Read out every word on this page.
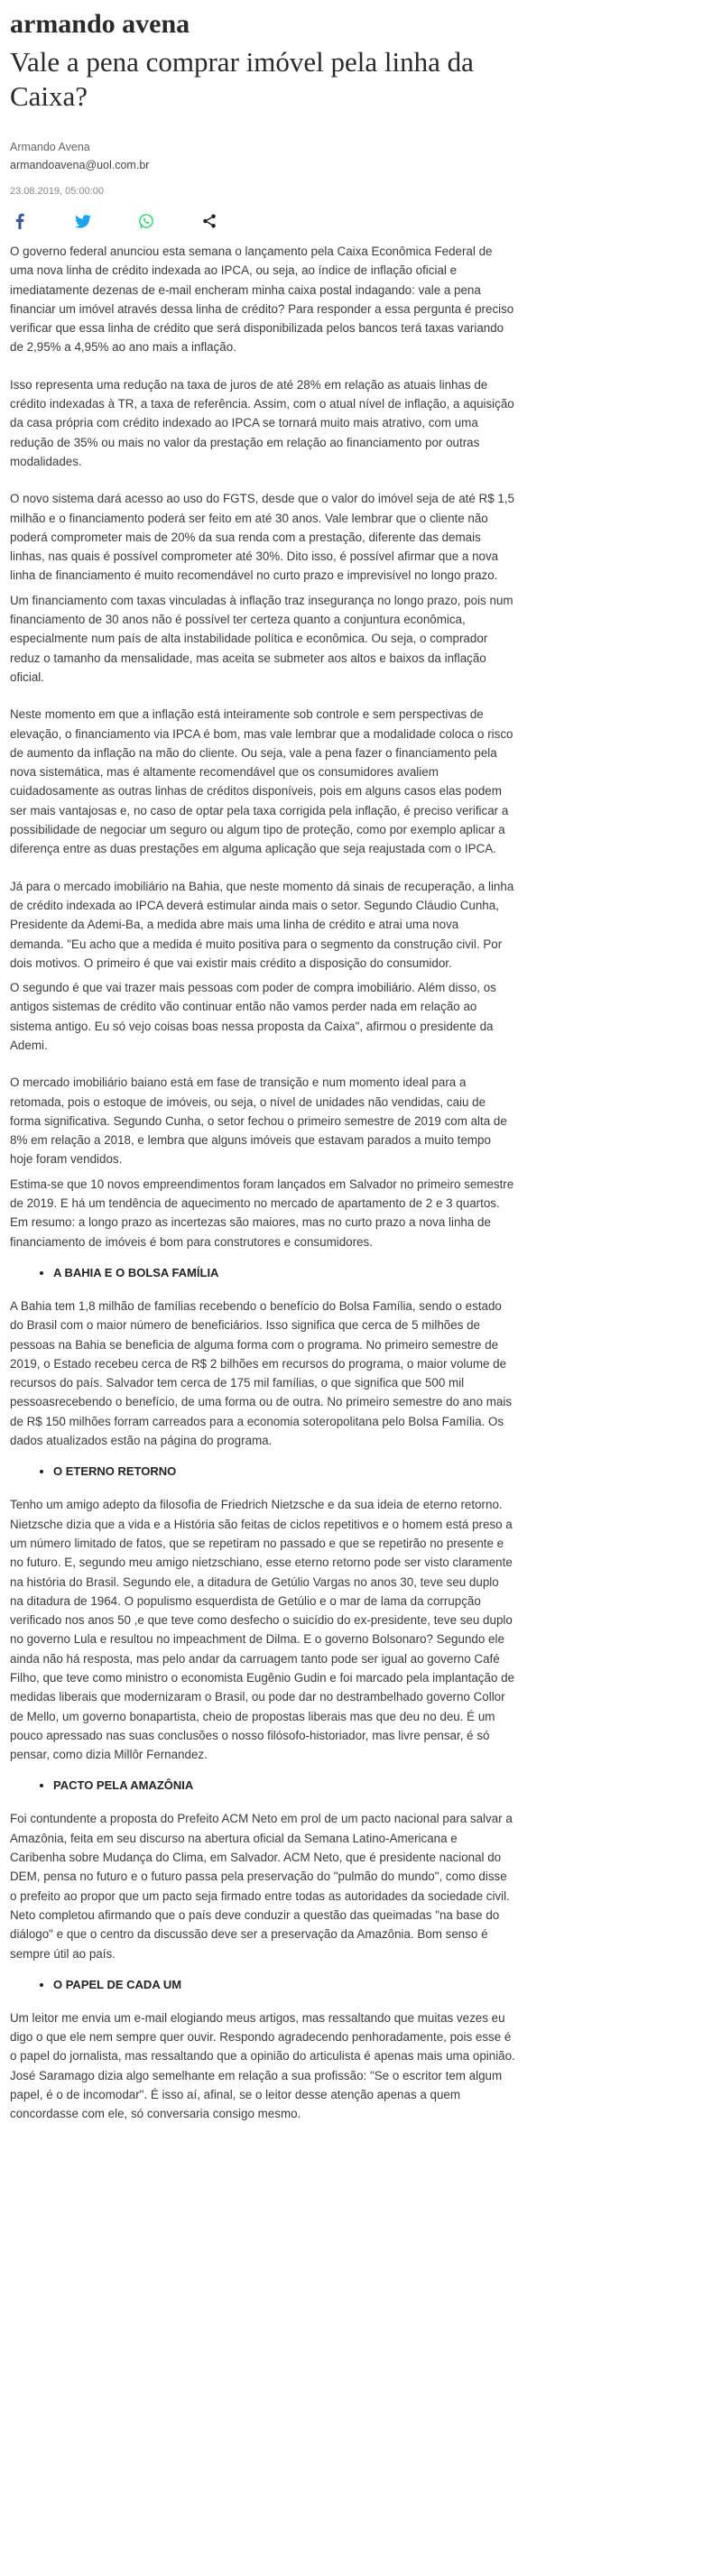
armando avena
Vale a pena comprar imóvel pela linha da Caixa?
Armando Avena
armandoavena@uol.com.br
23.08.2019, 05:00:00

O governo federal anunciou esta semana o lançamento pela Caixa Econômica Federal de uma nova linha de crédito indexada ao IPCA, ou seja, ao índice de inflação oficial e imediatamente dezenas de e-mail encheram minha caixa postal indagando: vale a pena financiar um imóvel através dessa linha de crédito? Para responder a essa pergunta é preciso verificar que essa linha de crédito que será disponibilizada pelos bancos terá taxas variando de 2,95% a 4,95% ao ano mais a inflação.

Isso representa uma redução na taxa de juros de até 28% em relação as atuais linhas de crédito indexadas à TR, a taxa de referência. Assim, com o atual nível de inflação, a aquisição da casa própria com crédito indexado ao IPCA se tornará muito mais atrativo, com uma redução de 35% ou mais no valor da prestação em relação ao financiamento por outras modalidades.

O novo sistema dará acesso ao uso do FGTS, desde que o valor do imóvel seja de até R$ 1,5 milhão e o financiamento poderá ser feito em até 30 anos. Vale lembrar que o cliente não poderá comprometer mais de 20% da sua renda com a prestação, diferente das demais linhas, nas quais é possível comprometer até 30%. Dito isso, é possível afirmar que a nova linha de financiamento é muito recomendável no curto prazo e imprevisível no longo prazo.

Um financiamento com taxas vinculadas à inflação traz insegurança no longo prazo, pois num financiamento de 30 anos não é possível ter certeza quanto a conjuntura econômica, especialmente num país de alta instabilidade política e econômica. Ou seja, o comprador reduz o tamanho da mensalidade, mas aceita se submeter aos altos e baixos da inflação oficial.

Neste momento em que a inflação está inteiramente sob controle e sem perspectivas de elevação, o financiamento via IPCA é bom, mas vale lembrar que a modalidade coloca o risco de aumento da inflação na mão do cliente. Ou seja, vale a pena fazer o financiamento pela nova sistemática, mas é altamente recomendável que os consumidores avaliem cuidadosamente as outras linhas de créditos disponíveis, pois em alguns casos elas podem ser mais vantajosas e, no caso de optar pela taxa corrigida pela inflação, é preciso verificar a possibilidade de negociar um seguro ou algum tipo de proteção, como por exemplo aplicar a diferença entre as duas prestações em alguma aplicação que seja reajustada com o IPCA.

Já para o mercado imobiliário na Bahia, que neste momento dá sinais de recuperação, a linha de crédito indexada ao IPCA deverá estimular ainda mais o setor. Segundo Cláudio Cunha, Presidente da Ademi-Ba, a medida abre mais uma linha de crédito e atrai uma nova demanda. "Eu acho que a medida é muito positiva para o segmento da construção civil. Por dois motivos. O primeiro é que vai existir mais crédito a disposição do consumidor.

O segundo é que vai trazer mais pessoas com poder de compra imobiliário. Além disso, os antigos sistemas de crédito vão continuar então não vamos perder nada em relação ao sistema antigo. Eu só vejo coisas boas nessa proposta da Caixa", afirmou o presidente da Ademi.

O mercado imobiliário baiano está em fase de transição e num momento ideal para a retomada, pois o estoque de imóveis, ou seja, o nível de unidades não vendidas, caiu de forma significativa. Segundo Cunha, o setor fechou o primeiro semestre de 2019 com alta de 8% em relação a 2018, e lembra que alguns imóveis que estavam parados a muito tempo hoje foram vendidos.

Estima-se que 10 novos empreendimentos foram lançados em Salvador no primeiro semestre de 2019. E há um tendência de aquecimento no mercado de apartamento de 2 e 3 quartos. Em resumo: a longo prazo as incertezas são maiores, mas no curto prazo a nova linha de financiamento de imóveis é bom para construtores e consumidores.

• A BAHIA E O BOLSA FAMÍLIA

A Bahia tem 1,8 milhão de famílias recebendo o benefício do Bolsa Família, sendo o estado do Brasil com o maior número de beneficiários. Isso significa que cerca de 5 milhões de pessoas na Bahia se beneficia de alguma forma com o programa. No primeiro semestre de 2019, o Estado recebeu cerca de R$ 2 bilhões em recursos do programa, o maior volume de recursos do país. Salvador tem cerca de 175 mil famílias, o que significa que 500 mil pessoasrecebendo o benefício, de uma forma ou de outra. No primeiro semestre do ano mais de R$ 150 milhões forram carreados para a economia soteropolitana pelo Bolsa Família. Os dados atualizados estão na página do programa.

• O ETERNO RETORNO

Tenho um amigo adepto da filosofia de Friedrich Nietzsche e da sua ideia de eterno retorno. Nietzsche dizia que a vida e a História são feitas de ciclos repetitivos e o homem está preso a um número limitado de fatos, que se repetiram no passado e que se repetirão no presente e no futuro. E, segundo meu amigo nietzschiano, esse eterno retorno pode ser visto claramente na história do Brasil. Segundo ele, a ditadura de Getúlio Vargas no anos 30, teve seu duplo na ditadura de 1964. O populismo esquerdista de Getúlio e o mar de lama da corrupção verificado nos anos 50 ,e que teve como desfecho o suicídio do ex-presidente, teve seu duplo no governo Lula e resultou no impeachment de Dilma. E o governo Bolsonaro? Segundo ele ainda não há resposta, mas pelo andar da carruagem tanto pode ser igual ao governo Café Filho, que teve como ministro o economista Eugênio Gudin e foi marcado pela implantação de medidas liberais que modernizaram o Brasil, ou pode dar no destrambelhado governo Collor de Mello, um governo bonapartista, cheio de propostas liberais mas que deu no deu. É um pouco apressado nas suas conclusões o nosso filósofo-historiador, mas livre pensar, é só pensar, como dizia Millôr Fernandez.

• PACTO PELA AMAZÔNIA

Foi contundente a proposta do Prefeito ACM Neto em prol de um pacto nacional para salvar a Amazônia, feita em seu discurso na abertura oficial da Semana Latino-Americana e Caribenha sobre Mudança do Clima, em Salvador. ACM Neto, que é presidente nacional do DEM, pensa no futuro e o futuro passa pela preservação do "pulmão do mundo", como disse o prefeito ao propor que um pacto seja firmado entre todas as autoridades da sociedade civil. Neto completou afirmando que o país deve conduzir a questão das queimadas "na base do diálogo" e que o centro da discussão deve ser a preservação da Amazônia. Bom senso é sempre útil ao país.

• O PAPEL DE CADA UM

Um leitor me envia um e-mail elogiando meus artigos, mas ressaltando que muitas vezes eu digo o que ele nem sempre quer ouvir. Respondo agradecendo penhoradamente, pois esse é o papel do jornalista, mas ressaltando que a opinião do articulista é apenas mais uma opinião. José Saramago dizia algo semelhante em relação a sua profissão: "Se o escritor tem algum papel, é o de incomodar". É isso aí, afinal, se o leitor desse atenção apenas a quem concordasse com ele, só conversaria consigo mesmo.
